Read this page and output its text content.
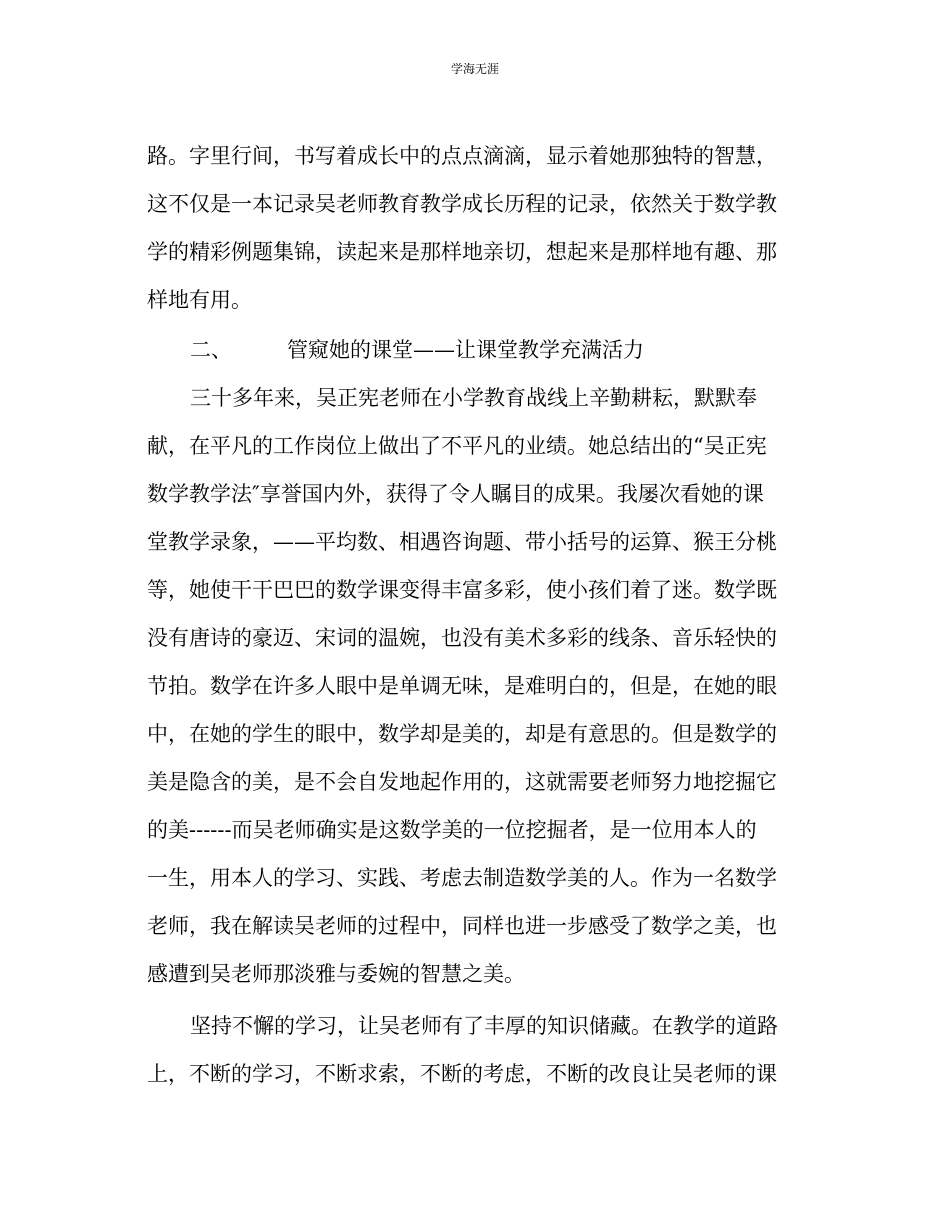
学海无涯
路。字里行间，书写着成长中的点点滴滴，显示着她那独特的智慧，
这不仅是一本记录吴老师教育教学成长历程的记录，依然关于数学教
学的精彩例题集锦，读起来是那样地亲切，想起来是那样地有趣、那
样地有用。
二、	管窥她的课堂——让课堂教学充满活力
三十多年来，吴正宪老师在小学教育战线上辛勤耕耘，默默奉
献，在平凡的工作岗位上做出了不平凡的业绩。她总结出的“吴正宪
数学教学法″享誉国内外，获得了令人瞩目的成果。我屡次看她的课
堂教学录象，——平均数、相遇咨询题、带小括号的运算、猴王分桃
等，她使干干巴巴的数学课变得丰富多彩，使小孩们着了迷。数学既
没有唐诗的豪迈、宋词的温婉，也没有美术多彩的线条、音乐轻快的
节拍。数学在许多人眼中是单调无味，是难明白的，但是，在她的眼
中，在她的学生的眼中，数学却是美的，却是有意思的。但是数学的
美是隐含的美，是不会自发地起作用的，这就需要老师努力地挖掘它
的美------而吴老师确实是这数学美的一位挖掘者，是一位用本人的
一生，用本人的学习、实践、考虑去制造数学美的人。作为一名数学
老师，我在解读吴老师的过程中，同样也进一步感受了数学之美，也
感遭到吴老师那淡雅与委婉的智慧之美。
坚持不懈的学习，让吴老师有了丰厚的知识储藏。在教学的道路
上，不断的学习，不断求索，不断的考虑，不断的改良让吴老师的课
